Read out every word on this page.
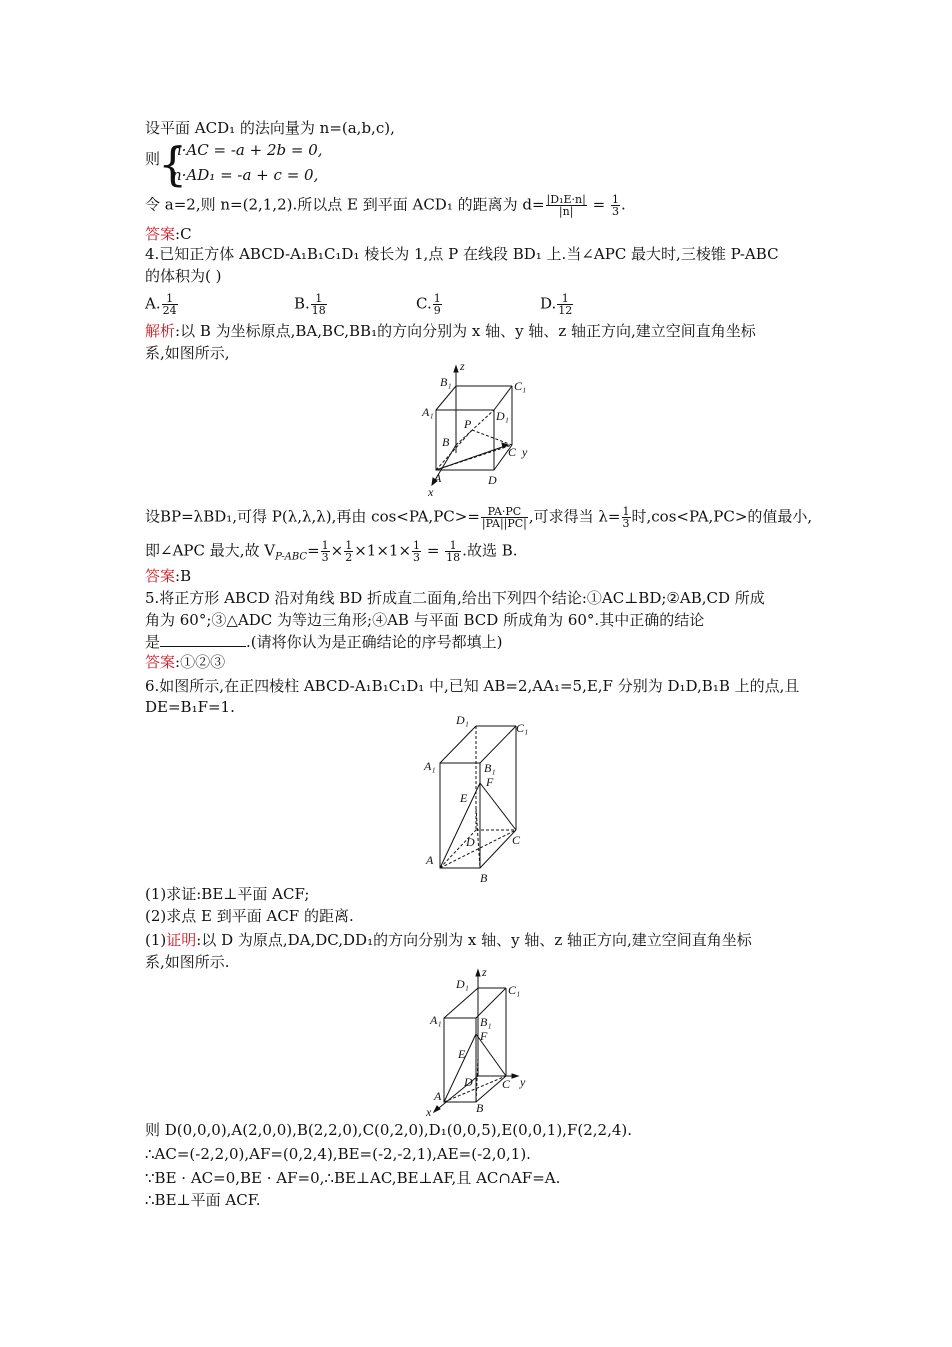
设平面 ACD₁ 的法向量为 n=(a,b,c),
则
{
n·AC = -a + 2b = 0,
n·AD₁ = -a + c = 0,
令 a=2,则 n=(2,1,2).所以点 E 到平面 ACD₁ 的距离为 $d= \frac{\text{|D₁E·n|}}{|n|} = \frac{1}{3}$ .
答案:C
4.已知正方体 ABCD-A₁B₁C₁D₁ 棱长为 1,点 P 在线段 BD₁ 上.当∠APC 最大时,三棱锥 P-ABC
的体积为( )
A. $\frac{1}{24}$	B. $\frac{1}{18}$	C. $\frac{1}{9}$	D. $\frac{1}{12}$
解析:以 B 为坐标原点,BA,BC,BB₁的方向分别为 x 轴、y 轴、z 轴正方向,建立空间直角坐标
系,如图所示,
z
B₁	C₁
A₁	D₁
P
B
C y
A	D
x
设BP=λBD₁,可得 P(λ,λ,λ),再由 $\cos<PA,PC>= \frac{PA\cdot PC}{|PA||PC|}$ ,可求得当 $\lambda= \frac{1}{3}$ 时,cos<PA,PC>的值最小,
即∠APC 最大,故 $V_{P-ABC}= \frac{1}{3} \times \frac{1}{2} \times 1\times 1\times \frac{1}{3} = \frac{1}{18}$ .故选 B.
答案:B
5.将正方形 ABCD 沿对角线 BD 折成直二面角,给出下列四个结论:①AC⊥BD;②AB,CD 所成
角为 60°;③△ADC 为等边三角形;④AB 与平面 BCD 所成角为 60°.其中正确的结论
是	.(请将你认为是正确结论的序号都填上)
答案:①②③
6.如图所示,在正四棱柱 ABCD-A₁B₁C₁D₁ 中,已知 AB=2,AA₁=5,E,F 分别为 D₁D,B₁B 上的点,且
DE=B₁F=1.
D₁
C₁
A₁	B₁
E
F
D	C
A
B
(1)求证:BE⊥平面 ACF;
(2)求点 E 到平面 ACF 的距离.
(1)证明:以 D 为原点,DA,DC,DD₁的方向分别为 x 轴、y 轴、z 轴正方向,建立空间直角坐标
系,如图所示.
z
D₁	C₁
A₁	B₁
F
E
D C y
A
B
x
则 D(0,0,0),A(2,0,0),B(2,2,0),C(0,2,0),D₁(0,0,5),E(0,0,1),F(2,2,4).
∴AC=(-2,2,0),AF=(0,2,4),BE=(-2,-2,1),AE=(-2,0,1).
∵BE · AC=0,BE · AF=0,∴BE⊥AC,BE⊥AF,且 AC∩AF=A.
∴BE⊥平面 ACF.
